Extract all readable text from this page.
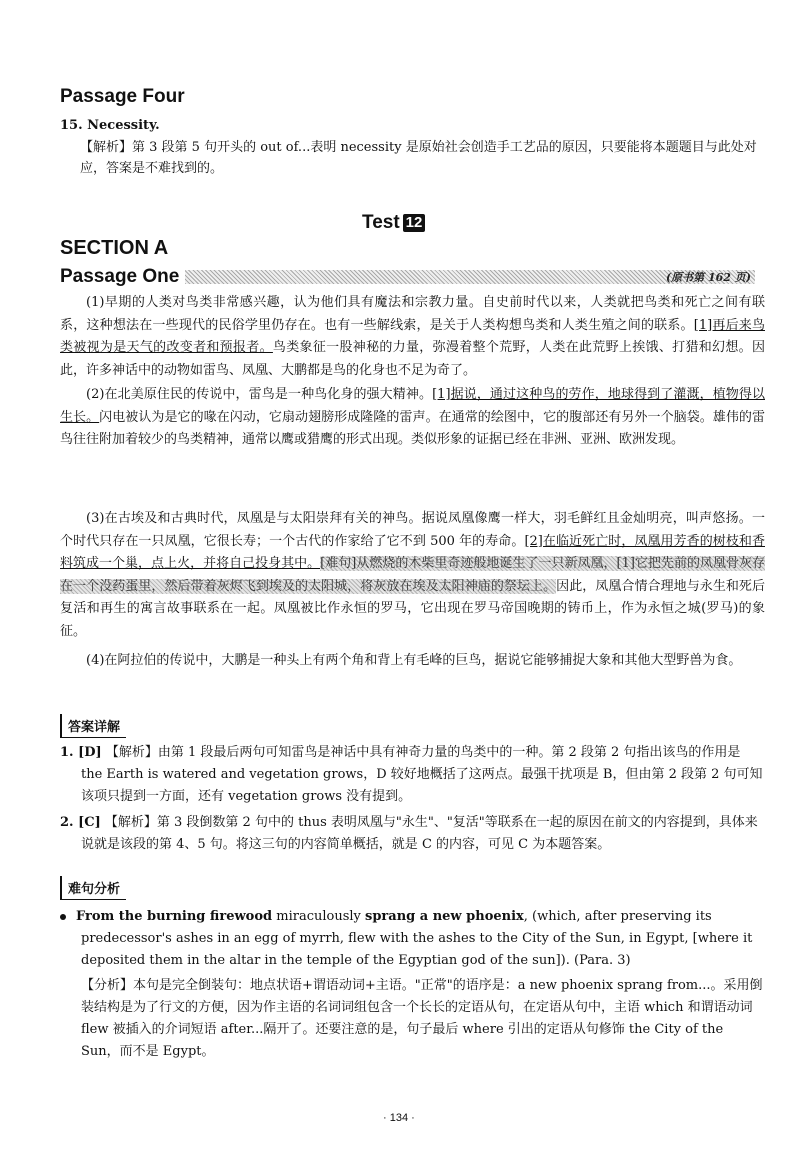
Passage Four
15. Necessity.

【解析】第 3 段第 5 句开头的 out of...表明 necessity 是原始社会创造手工艺品的原因，只要能将本题题目与此处对应，答案是不难找到的。

Test 12
SECTION A
Passage One	(原书第 162 页)

(1)早期的人类对鸟类非常感兴趣，认为他们具有魔法和宗教力量。自史前时代以来，人类就把鸟类和死亡之间有联系，这种想法在一些现代的民俗学里仍存在。也有一些解线索，是关于人类构想鸟类和人类生殖之间的联系。[1]再后来鸟类被视为是天气的改变者和预报者。鸟类象征一股神秘的力量，弥漫着整个荒野，人类在此荒野上挨饿、打猎和幻想。因此，许多神话中的动物如雷鸟、凤凰、大鹏都是鸟的化身也不足为奇了。

(2)在北美原住民的传说中，雷鸟是一种鸟化身的强大精神。[1]据说，通过这种鸟的劳作，地球得到了灌溉，植物得以生长。闪电被认为是它的喙在闪动，它扇动翅膀形成隆隆的雷声。在通常的绘图中，它的腹部还有另外一个脑袋。雄伟的雷鸟往往附加着较少的鸟类精神，通常以鹰或猎鹰的形式出现。类似形象的证据已经在非洲、亚洲、欧洲发现。

(3)在古埃及和古典时代，凤凰是与太阳崇拜有关的神鸟。据说凤凰像鹰一样大，羽毛鲜红且金灿明亮，叫声悠扬。一个时代只存在一只凤凰，它很长寿；一个古代的作家给了它不到 500 年的寿命。[2]在临近死亡时，凤凰用芳香的树枝和香料筑成一个巢，点上火，并将自己投身其中。[难句]从燃烧的木柴里奇迹般地诞生了一只新凤凰，[1]它把先前的凤凰骨灰存在一个没药蛋里，然后带着灰烬飞到埃及的太阳城，将灰放在埃及太阳神庙的祭坛上。因此，凤凰合情合理地与永生和死后复活和再生的寓言故事联系在一起。凤凰被比作永恒的罗马，它出现在罗马帝国晚期的铸币上，作为永恒之城(罗马)的象征。

(4)在阿拉伯的传说中，大鹏是一种头上有两个角和背上有毛峰的巨鸟，据说它能够捕捉大象和其他大型野兽为食。

答案详解
1. [D] 【解析】由第 1 段最后两句可知雷鸟是神话中具有神奇力量的鸟类中的一种。第 2 段第 2 句指出该鸟的作用是 the Earth is watered and vegetation grows，D 较好地概括了这两点。最强干扰项是 B，但由第 2 段第 2 句可知该项只提到一方面，还有 vegetation grows 没有提到。
2. [C] 【解析】第 3 段倒数第 2 句中的 thus 表明凤凰与"永生"、"复活"等联系在一起的原因在前文的内容提到，具体来说就是该段的第 4、5 句。将这三句的内容简单概括，就是 C 的内容，可见 C 为本题答案。
难句分析
From the burning firewood miraculously sprang a new phoenix, (which, after preserving its predecessor's ashes in an egg of myrrh, flew with the ashes to the City of the Sun, in Egypt, [where it deposited them in the altar in the temple of the Egyptian god of the sun]). (Para. 3)

【分析】本句是完全倒装句：地点状语+谓语动词+主语。"正常"的语序是：a new phoenix sprang from...。采用倒装结构是为了行文的方便，因为作主语的名词词组包含一个长长的定语从句，在定语从句中，主语 which 和谓语动词 flew 被插入的介词短语 after...隔开了。还要注意的是，句子最后 where 引出的定语从句修饰 the City of the Sun，而不是 Egypt。

· 134 ·
